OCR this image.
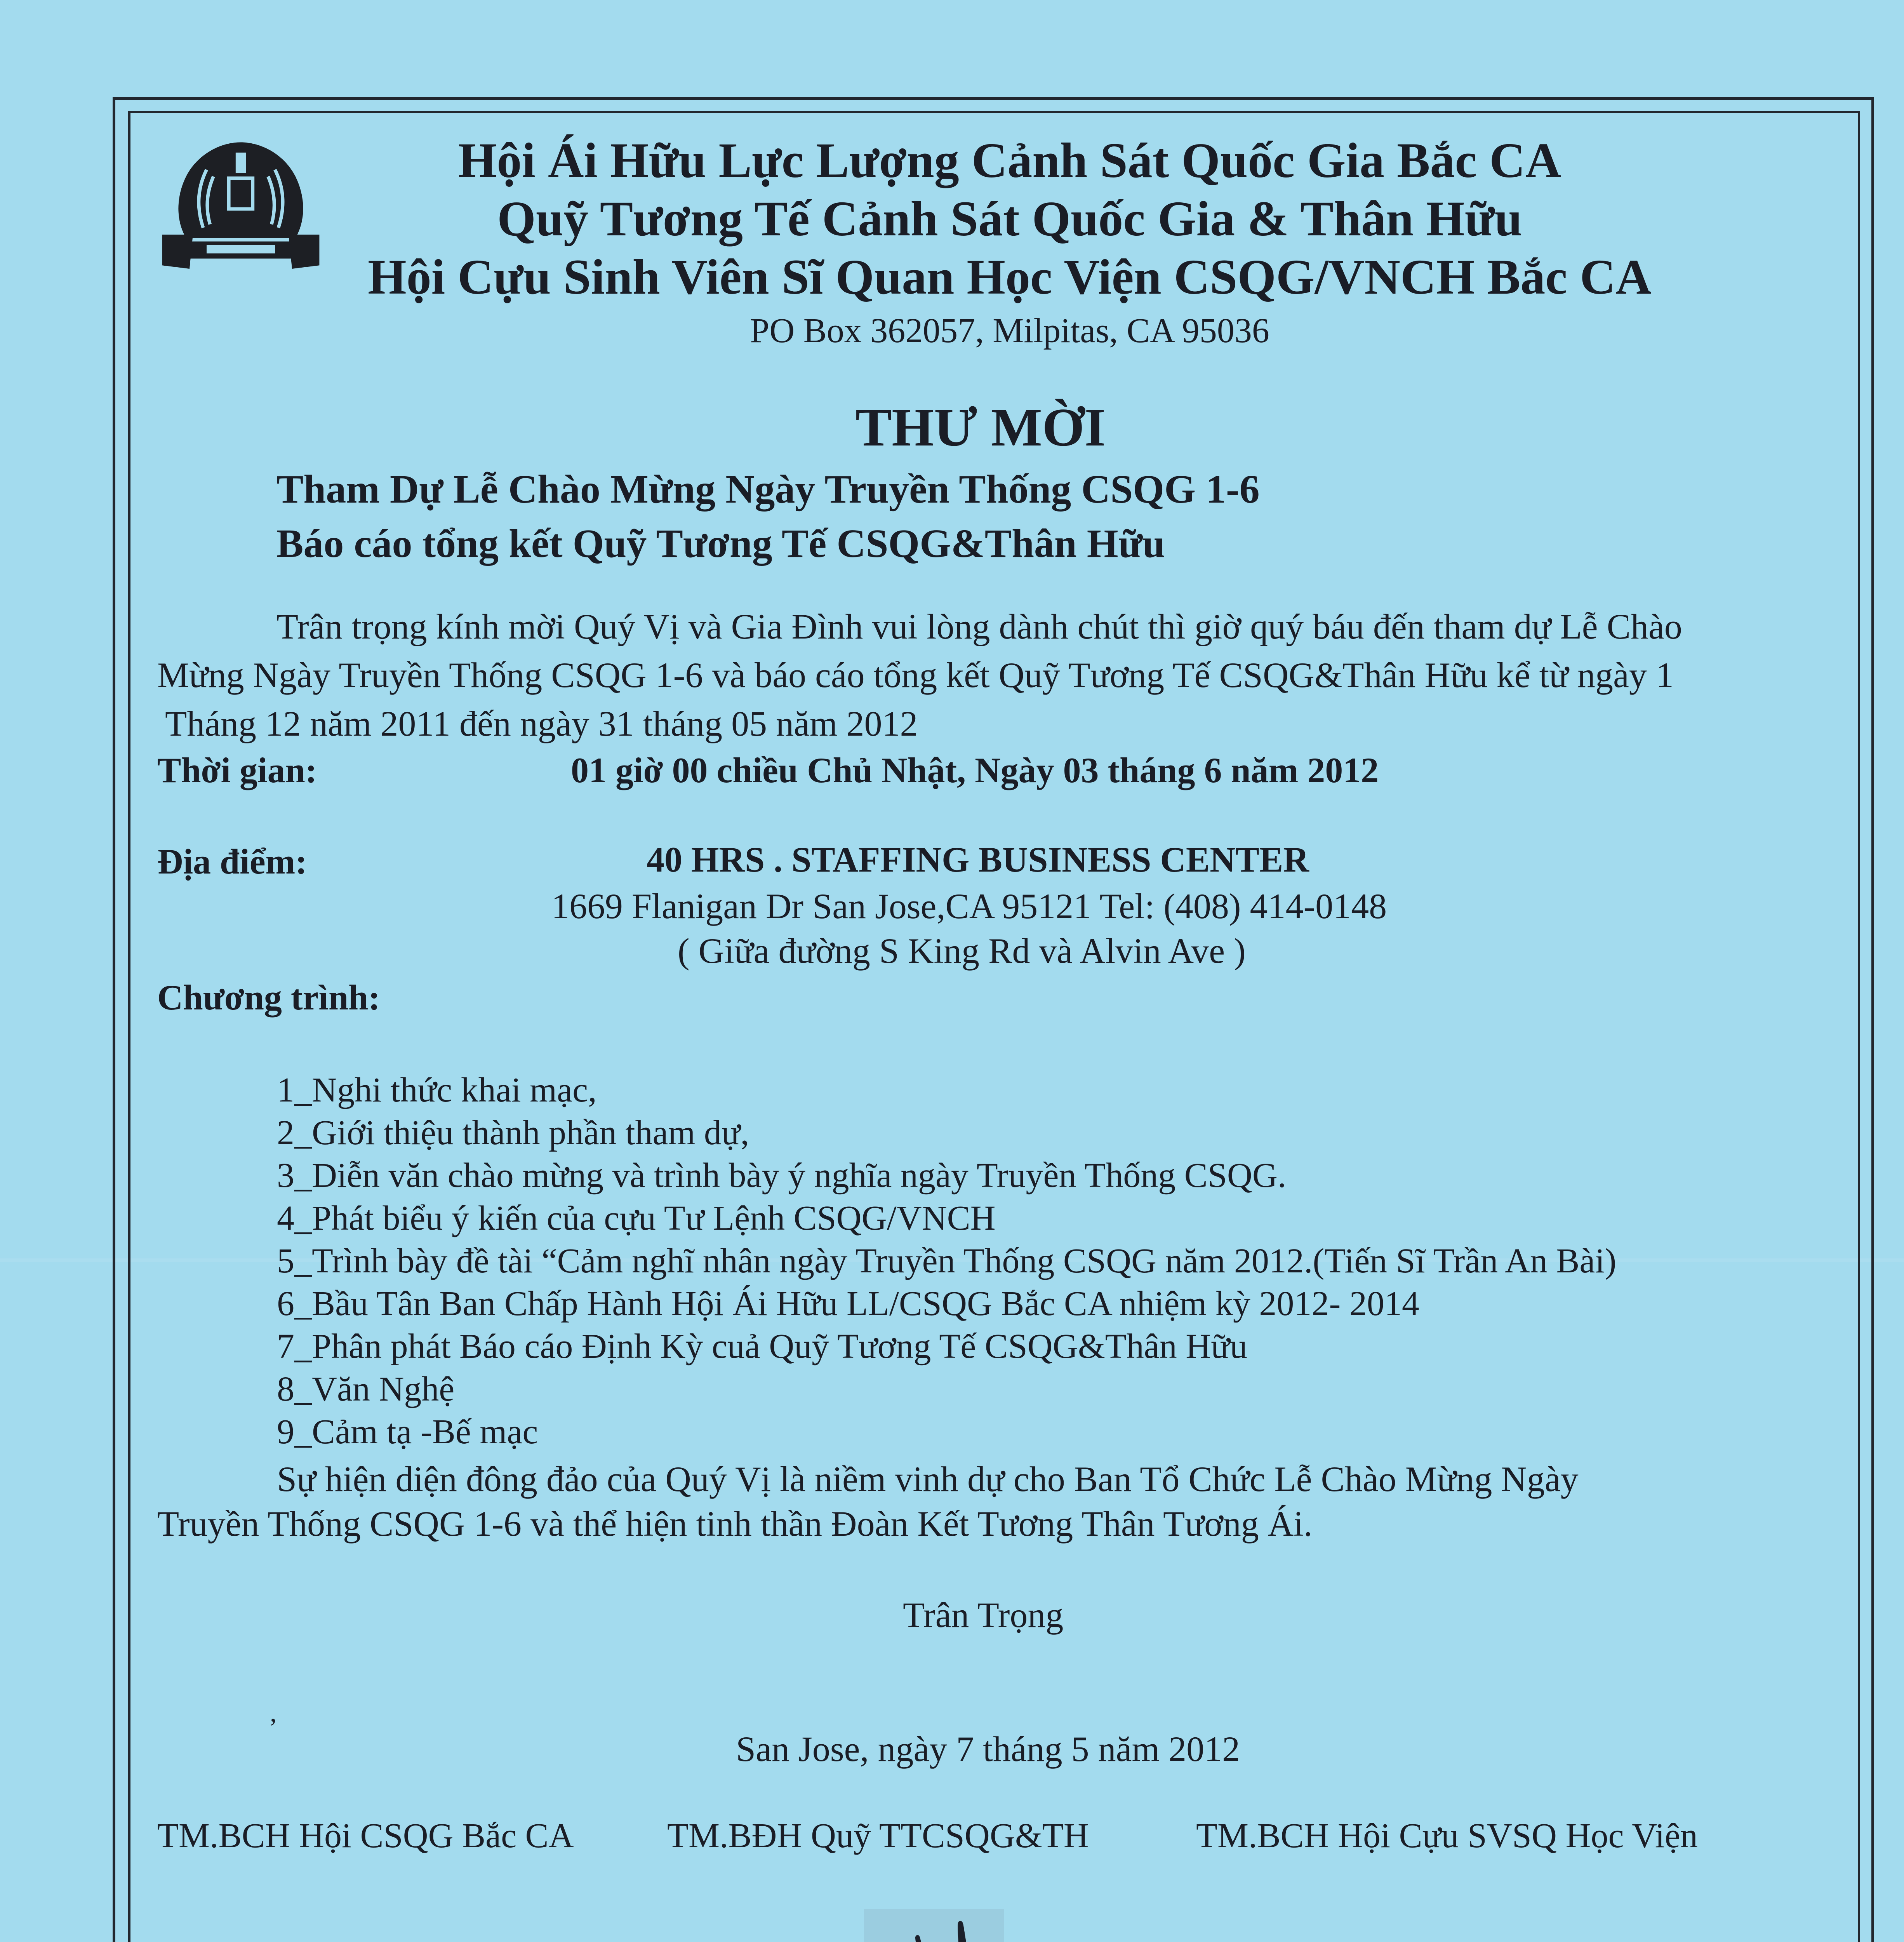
Hội Ái Hữu Lực Lượng Cảnh Sát Quốc Gia Bắc CA
Quỹ Tương Tế Cảnh Sát Quốc Gia & Thân Hữu
Hội Cựu Sinh Viên Sĩ Quan Học Viện CSQG/VNCH Bắc CA
PO Box 362057, Milpitas, CA 95036
THƯ MỜI
Tham Dự Lễ Chào Mừng Ngày Truyền Thống CSQG 1-6
Báo cáo tổng kết Quỹ Tương Tế CSQG&Thân Hữu
Trân trọng kính mời Quý Vị và Gia Đình vui lòng dành chút thì giờ quý báu đến tham dự Lễ Chào
Mừng Ngày Truyền Thống CSQG 1-6 và báo cáo tổng kết Quỹ Tương Tế CSQG&Thân Hữu kể từ ngày 1
Tháng 12 năm 2011 đến ngày 31 tháng 05 năm 2012
Thời gian:	01 giờ 00 chiều Chủ Nhật, Ngày 03 tháng 6 năm 2012
Địa điểm:	40 HRS . STAFFING BUSINESS CENTER
1669 Flanigan Dr San Jose,CA 95121 Tel: (408) 414-0148
( Giữa đường S King Rd và Alvin Ave )
Chương trình:
1_Nghi thức khai mạc,
2_Giới thiệu thành phần tham dự,
3_Diễn văn chào mừng và trình bày ý nghĩa ngày Truyền Thống CSQG.
4_Phát biểu ý kiến của cựu Tư Lệnh CSQG/VNCH
5_Trình bày đề tài “Cảm nghĩ nhân ngày Truyền Thống CSQG năm 2012.(Tiến Sĩ Trần An Bài)
6_Bầu Tân Ban Chấp Hành Hội Ái Hữu LL/CSQG Bắc CA nhiệm kỳ 2012- 2014
7_Phân phát Báo cáo Định Kỳ cuả Quỹ Tương Tế CSQG&Thân Hữu
8_Văn Nghệ
9_Cảm tạ -Bế mạc
Sự hiện diện đông đảo của Quý Vị là niềm vinh dự cho Ban Tổ Chức Lễ Chào Mừng Ngày
Truyền Thống CSQG 1-6 và thể hiện tinh thần Đoàn Kết Tương Thân Tương Ái.
Trân Trọng
,
San Jose, ngày 7 tháng 5 năm 2012
TM.BCH Hội CSQG Bắc CA	TM.BĐH Quỹ TTCSQG&TH	TM.BCH Hội Cựu SVSQ Học Viện
